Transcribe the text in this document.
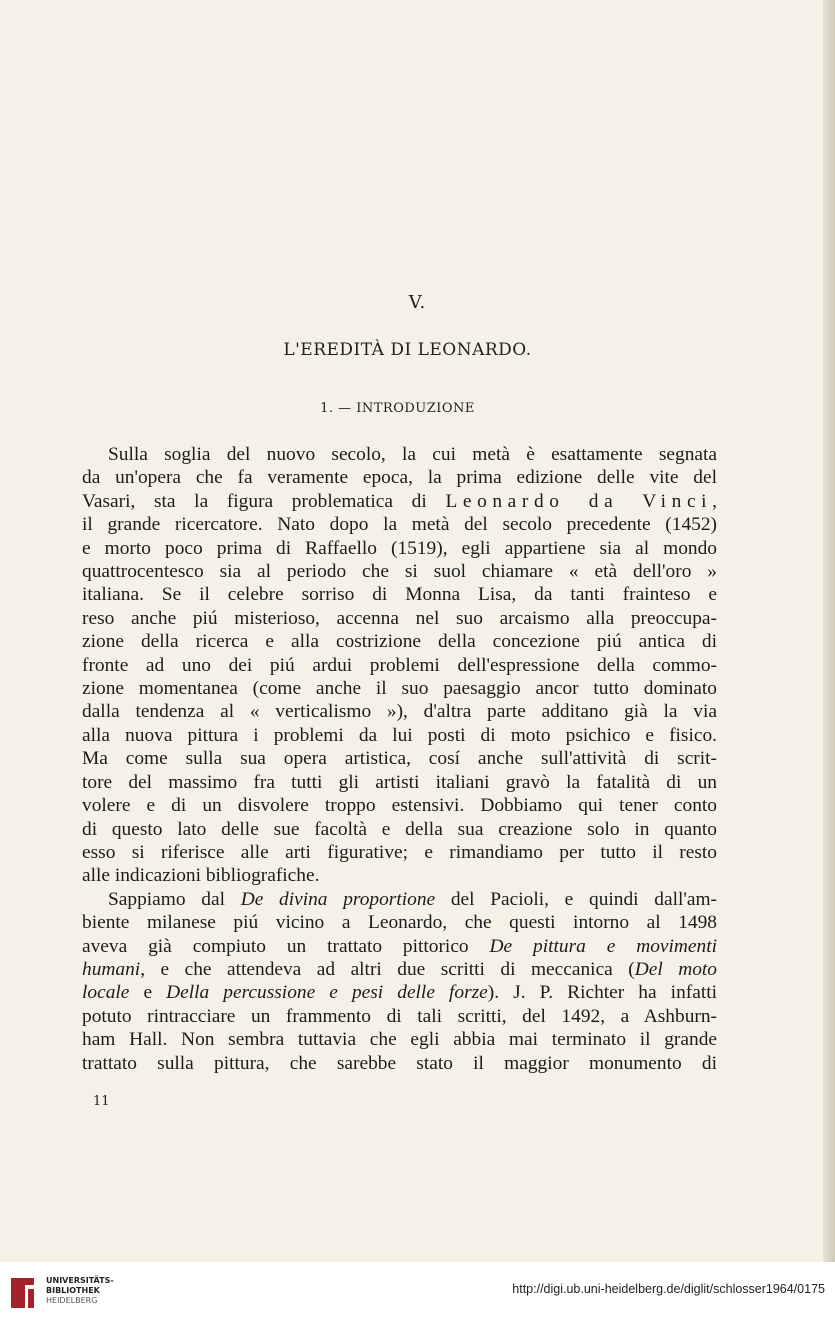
V.
L'EREDITÀ DI LEONARDO.
1. — INTRODUZIONE
Sulla soglia del nuovo secolo, la cui metà è esattamente segnata
da un'opera che fa veramente epoca, la prima edizione delle vite del
Vasari, sta la figura problematica di Leonardo da Vinci,
il grande ricercatore. Nato dopo la metà del secolo precedente (1452)
e morto poco prima di Raffaello (1519), egli appartiene sia al mondo
quattrocentesco sia al periodo che si suol chiamare « età dell'oro »
italiana. Se il celebre sorriso di Monna Lisa, da tanti frainteso e
reso anche piú misterioso, accenna nel suo arcaismo alla preoccupa-
zione della ricerca e alla costrizione della concezione piú antica di
fronte ad uno dei piú ardui problemi dell'espressione della commo-
zione momentanea (come anche il suo paesaggio ancor tutto dominato
dalla tendenza al « verticalismo »), d'altra parte additano già la via
alla nuova pittura i problemi da lui posti di moto psichico e fisico.
Ma come sulla sua opera artistica, cosí anche sull'attività di scrit-
tore del massimo fra tutti gli artisti italiani gravò la fatalità di un
volere e di un disvolere troppo estensivi. Dobbiamo qui tener conto
di questo lato delle sue facoltà e della sua creazione solo in quanto
esso si riferisce alle arti figurative; e rimandiamo per tutto il resto
alle indicazioni bibliografiche.
Sappiamo dal De divina proportione del Pacioli, e quindi dall'am-
biente milanese piú vicino a Leonardo, che questi intorno al 1498
aveva già compiuto un trattato pittorico De pittura e movimenti
humani, e che attendeva ad altri due scritti di meccanica (Del moto
locale e Della percussione e pesi delle forze). J. P. Richter ha infatti
potuto rintracciare un frammento di tali scritti, del 1492, a Ashburn-
ham Hall. Non sembra tuttavia che egli abbia mai terminato il grande
trattato sulla pittura, che sarebbe stato il maggior monumento di
11
UNIVERSITÄTS-
BIBLIOTHEK
HEIDELBERG
http://digi.ub.uni-heidelberg.de/diglit/schlosser1964/0175
